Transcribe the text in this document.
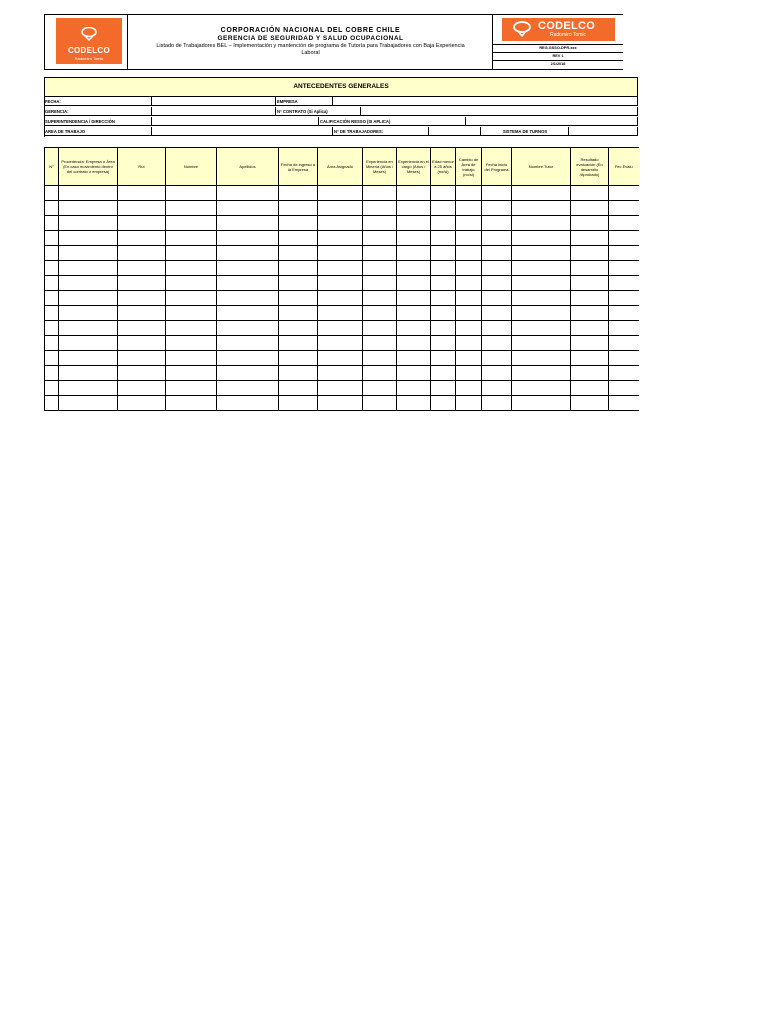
CODELCO
Radomiro Tomic
CORPORACIÓN NACIONAL DEL COBRE CHILE
GERENCIA DE SEGURIDAD Y SALUD OCUPACIONAL
Listado de Trabajadores BEL – Implementación y mantención de programa de Tutoría para Trabajadores con Baja Experiencia Laboral
CODELCO
Radomiro Tomic
REG-GSSO-DPR-xxx
REV 1
2/1/2018
ANTECEDENTES GENERALES
FECHA:	EMPRESA
GERENCIA:	N° CONTRATO (Si Aplica)
SUPERINTENDENCIA / DIRECCIÓN	CALIFICACIÓN RESSO (SI APLICA)
AREA DE TRABAJO	N° DE TRABAJADORES:	SISTEMA DE TURNOS
N°	Procedencia: Empresa o Área (En caso movimiento dentro del contrato o empresa)	Rut	Nombre	Apellidos	Fecha de ingreso a la Empresa	Área Asignado	Experiencia en Minería (Años / Meses)	Experiencia en el cargo (Años / Meses)	Edad menor a 25 años (no/si)	Cambio de Área de trabajo (no/si)	Fecha inicio del Programa	Nombre Tutor	Resultado evaluación (En desarrollo /Aprobado)	Fec Evalu
